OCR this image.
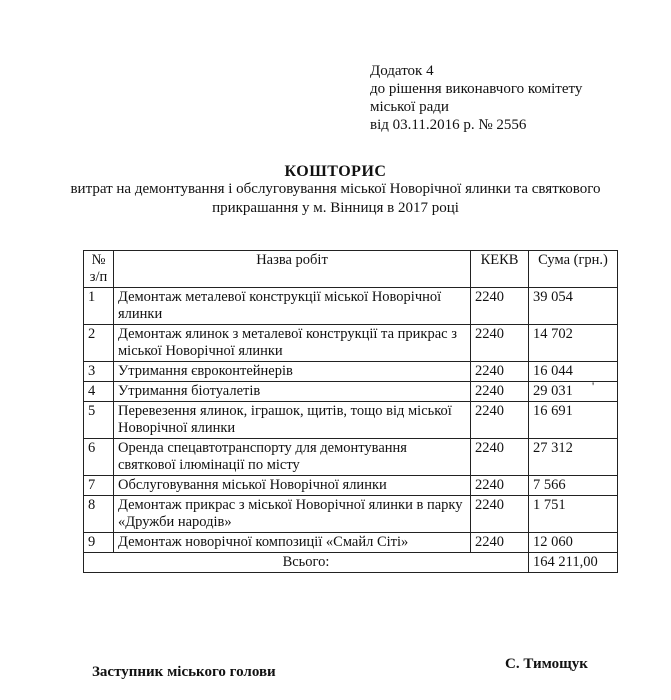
Додаток 4
до рішення виконавчого комітету
міської ради
від 03.11.2016 р. № 2556
КОШТОРИС
витрат на демонтування і обслуговування міської Новорічної ялинки та святкового
прикрашання у м. Вінниця в 2017 році
№
з/п	Назва робіт	КЕКВ	Сума (грн.)
1	Демонтаж металевої конструкції міської Новорічної ялинки	2240	39 054
2	Демонтаж ялинок з металевої конструкції та прикрас з міської Новорічної ялинки	2240	14 702
3	Утримання євроконтейнерів	2240	16 044
4	Утримання біотуалетів	2240	29 031
5	Перевезення ялинок, іграшок, щитів, тощо від міської Новорічної ялинки	2240	16 691
6	Оренда спецавтотранспорту для демонтування святкової ілюмінації по місту	2240	27 312
7	Обслуговування міської Новорічної ялинки	2240	7 566
8	Демонтаж прикрас з міської Новорічної ялинки в парку «Дружби народів»	2240	1 751
9	Демонтаж новорічної композиції «Смайл Сіті»	2240	12 060
Всього:			164 211,00
'
Заступник міського голови	С. Тимощук
